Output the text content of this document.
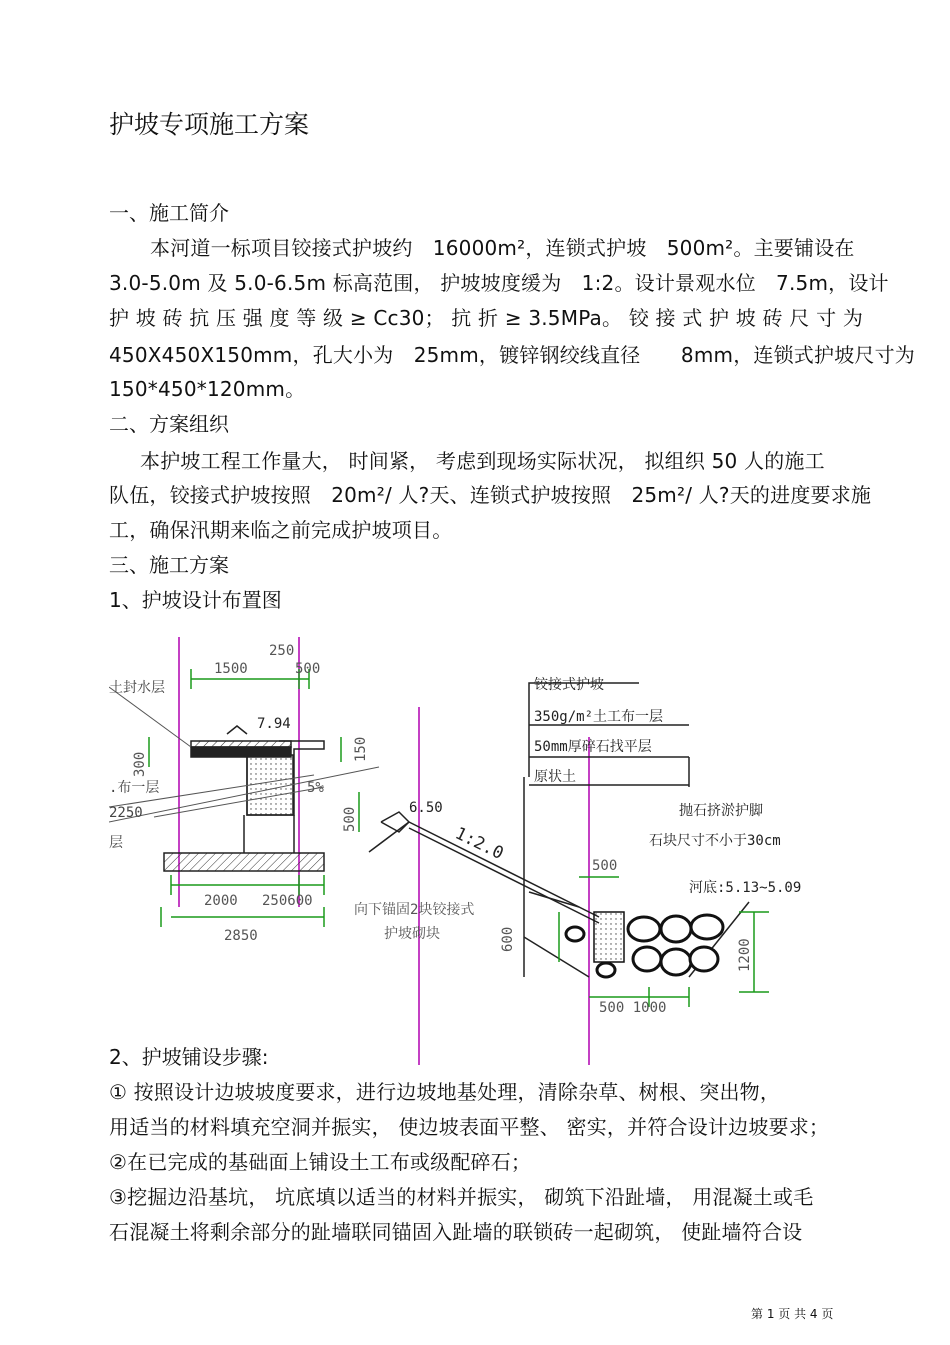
护坡专项施工方案
一、施工简介
本河道一标项目铰接式护坡约　16000m²，连锁式护坡　500m²。主要铺设在
3.0-5.0m 及 5.0-6.5m 标高范围， 护坡坡度缓为　1:2。设计景观水位　7.5m，设计
护 坡 砖 抗 压 强 度 等 级 ≥ Cc30； 抗 折 ≥ 3.5MPa。 铰 接 式 护 坡 砖 尺 寸 为
450X450X150mm，孔大小为　25mm，镀锌钢绞线直径　　8mm，连锁式护坡尺寸为
150*450*120mm。
二、方案组织
本护坡工程工作量大， 时间紧， 考虑到现场实际状况， 拟组织 50 人的施工
队伍，铰接式护坡按照　20m²/ 人?天、连锁式护坡按照　25m²/ 人?天的进度要求施
工，确保汛期来临之前完成护坡项目。
三、施工方案
1、护坡设计布置图
250
1500	500
土封水层
7.94
.布一层
2250
层
5%
6.50
1:2.0
2000 250600
2850
向下锚固2块铰接式
护坡砌块
铰接式护坡
350g/m²土工布一层
50mm厚碎石找平层
原状土
抛石挤淤护脚
石块尺寸不小于30cm
河底:5.13~5.09
500
500 1000
300
150
500
600	1200
2、护坡铺设步骤:
① 按照设计边坡坡度要求，进行边坡地基处理，清除杂草、树根、突出物，
用适当的材料填充空洞并振实， 使边坡表面平整、 密实，并符合设计边坡要求；
②在已完成的基础面上铺设土工布或级配碎石；
③挖掘边沿基坑， 坑底填以适当的材料并振实， 砌筑下沿趾墙， 用混凝土或毛
石混凝土将剩余部分的趾墙联同锚固入趾墙的联锁砖一起砌筑， 使趾墙符合设
第 1 页 共 4 页
